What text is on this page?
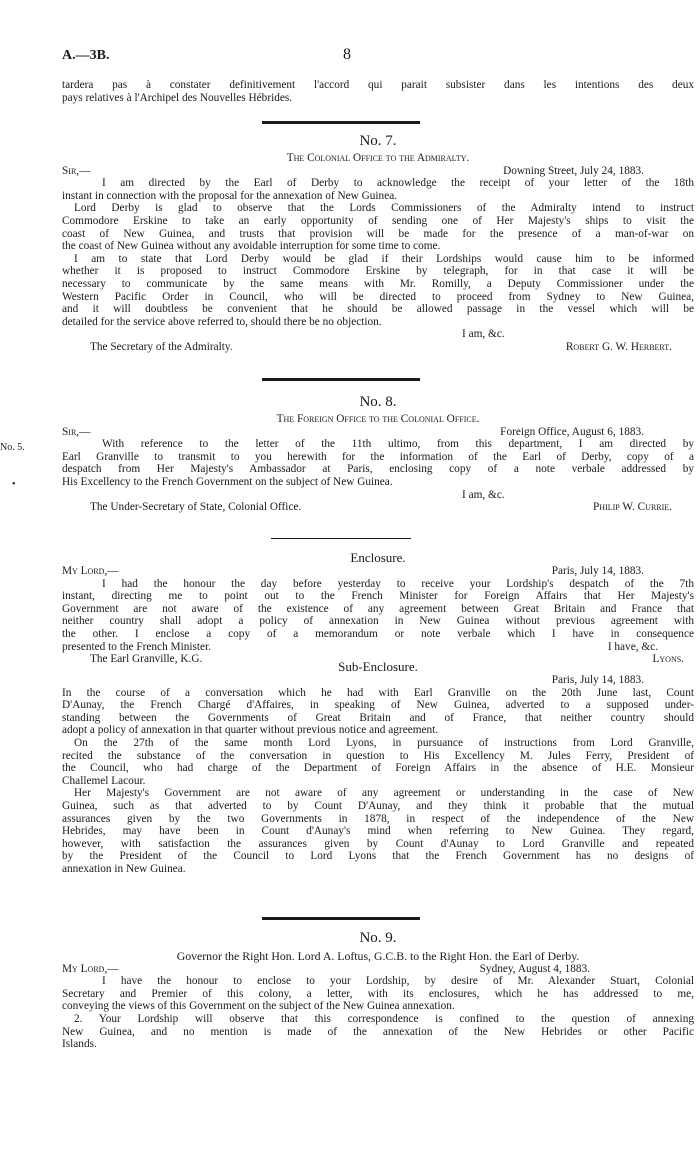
A.—3B.	8

tardera pas à constater definitivement l'accord qui parait subsister dans les intentions des deux

pays relatives à l'Archipel des Nouvelles Hébrides.

No. 7.
The Colonial Office to the Admiralty.
Sir,—	Downing Street, July 24, 1883.

I am directed by the Earl of Derby to acknowledge the receipt of your letter of the 18th

instant in connection with the proposal for the annexation of New Guinea.

Lord Derby is glad to observe that the Lords Commissioners of the Admiralty intend to instruct

Commodore Erskine to take an early opportunity of sending one of Her Majesty's ships to visit the

coast of New Guinea, and trusts that provision will be made for the presence of a man-of-war on

the coast of New Guinea without any avoidable interruption for some time to come.

I am to state that Lord Derby would be glad if their Lordships would cause him to be informed

whether it is proposed to instruct Commodore Erskine by telegraph, for in that case it will be

necessary to communicate by the same means with Mr. Romilly, a Deputy Commissioner under the

Western Pacific Order in Council, who will be directed to proceed from Sydney to New Guinea,

and it will doubtless be convenient that he should be allowed passage in the vessel which will be

detailed for the service above referred to, should there be no objection.

I am, &c.
The Secretary of the Admiralty.	Robert G. W. Herbert.
No. 5.
•
No. 8.
The Foreign Office to the Colonial Office.
Sir,—	Foreign Office, August 6, 1883.

With reference to the letter of the 11th ultimo, from this department, I am directed by

Earl Granville to transmit to you herewith for the information of the Earl of Derby, copy of a

despatch from Her Majesty's Ambassador at Paris, enclosing copy of a note verbale addressed by

His Excellency to the French Government on the subject of New Guinea.

I am, &c.
The Under-Secretary of State, Colonial Office.	Philip W. Currie.
Enclosure.
My Lord,—	Paris, July 14, 1883.

I had the honour the day before yesterday to receive your Lordship's despatch of the 7th

instant, directing me to point out to the French Minister for Foreign Affairs that Her Majesty's

Government are not aware of the existence of any agreement between Great Britain and France that

neither country shall adopt a policy of annexation in New Guinea without previous agreement with

the other. I enclose a copy of a memorandum or note verbale which I have in consequence

presented to the French Minister.	I have, &c.
The Earl Granville, K.G.	Lyons.
Sub-Enclosure.
Paris, July 14, 1883.

In the course of a conversation which he had with Earl Granville on the 20th June last, Count

D'Aunay, the French Chargé d'Affaires, in speaking of New Guinea, adverted to a supposed under-

standing between the Governments of Great Britain and of France, that neither country should

adopt a policy of annexation in that quarter without previous notice and agreement.

On the 27th of the same month Lord Lyons, in pursuance of instructions from Lord Granville,

recited the substance of the conversation in question to His Excellency M. Jules Ferry, President of

the Council, who had charge of the Department of Foreign Affairs in the absence of H.E. Monsieur

Challemel Lacour.

Her Majesty's Government are not aware of any agreement or understanding in the case of New

Guinea, such as that adverted to by Count D'Aunay, and they think it probable that the mutual

assurances given by the two Governments in 1878, in respect of the independence of the New

Hebrides, may have been in Count d'Aunay's mind when referring to New Guinea. They regard,

however, with satisfaction the assurances given by Count d'Aunay to Lord Granville and repeated

by the President of the Council to Lord Lyons that the French Government has no designs of

annexation in New Guinea.

No. 9.
Governor the Right Hon. Lord A. Loftus, G.C.B. to the Right Hon. the Earl of Derby.
My Lord,—	Sydney, August 4, 1883.

I have the honour to enclose to your Lordship, by desire of Mr. Alexander Stuart, Colonial

Secretary and Premier of this colony, a letter, with its enclosures, which he has addressed to me,

conveying the views of this Government on the subject of the New Guinea annexation.

2. Your Lordship will observe that this correspondence is confined to the question of annexing

New Guinea, and no mention is made of the annexation of the New Hebrides or other Pacific

Islands.
